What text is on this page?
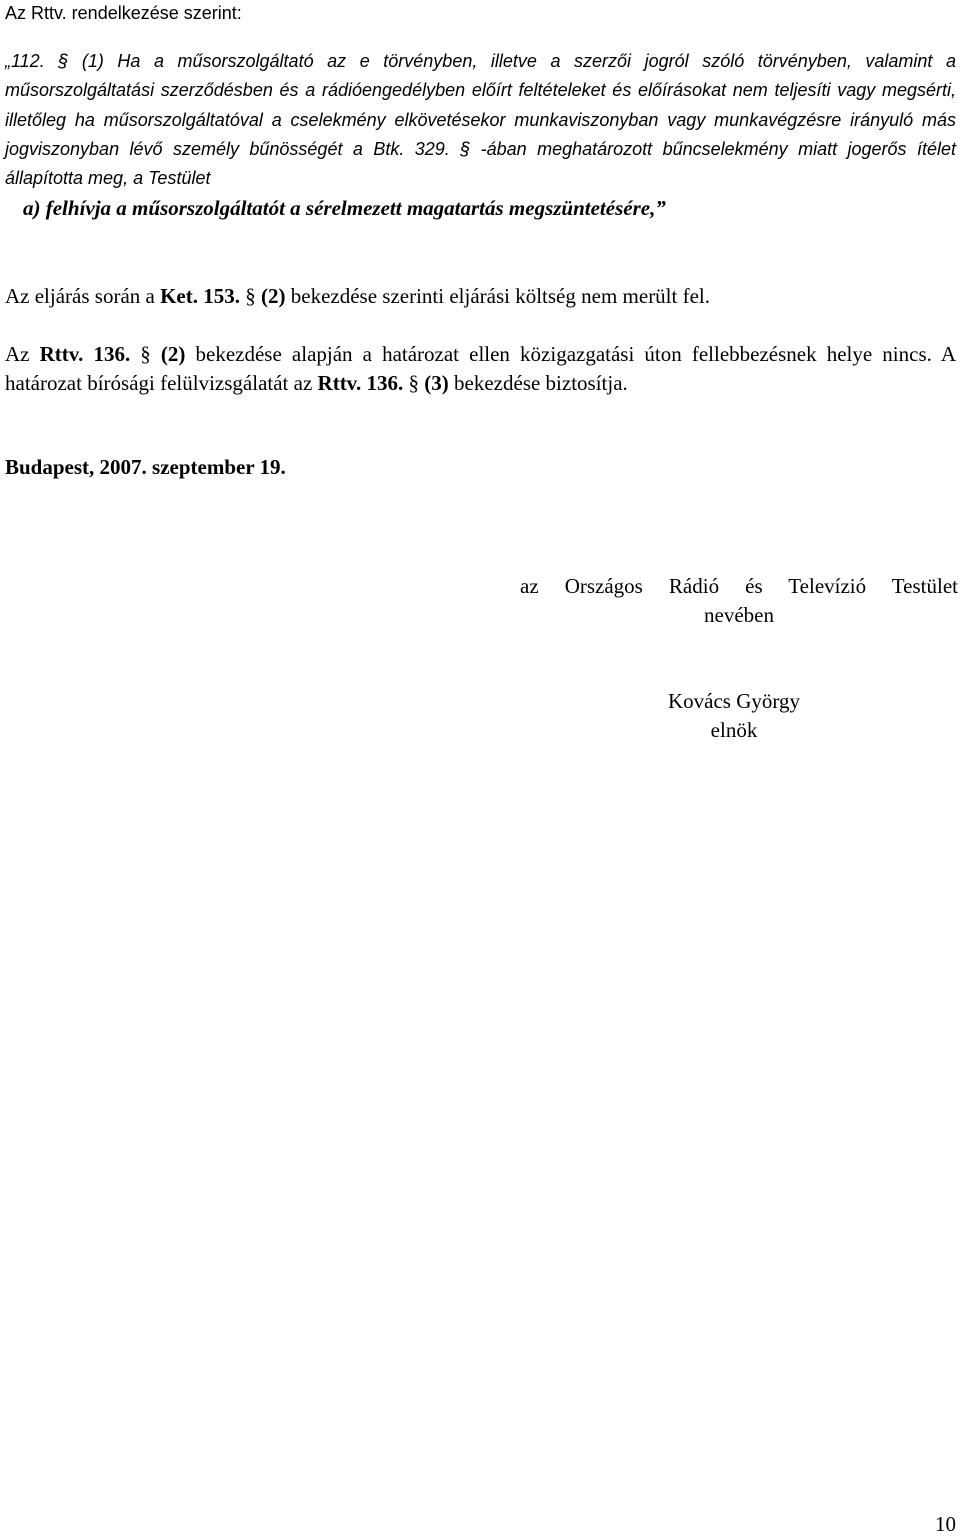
Az Rttv. rendelkezése szerint:
„112. § (1) Ha a műsorszolgáltató az e törvényben, illetve a szerzői jogról szóló törvényben, valamint a műsorszolgáltatási szerződésben és a rádióengedélyben előírt feltételeket és előírásokat nem teljesíti vagy megsérti, illetőleg ha műsorszolgáltatóval a cselekmény elkövetésekor munkaviszonyban vagy munkavégzésre irányuló más jogviszonyban lévő személy bűnösségét a Btk. 329. § -ában meghatározott bűncselekmény miatt jogerős ítélet állapította meg, a Testület
a) felhívja a műsorszolgáltatót a sérelmezett magatartás megszüntetésére,”
Az eljárás során a Ket. 153. § (2) bekezdése szerinti eljárási költség nem merült fel.
Az Rttv. 136. § (2) bekezdése alapján a határozat ellen közigazgatási úton fellebbezésnek helye nincs. A határozat bírósági felülvizsgálatát az Rttv. 136. § (3) bekezdése biztosítja.
Budapest, 2007. szeptember 19.
az Országos Rádió és Televízió Testület
nevében
Kovács György
elnök
10
